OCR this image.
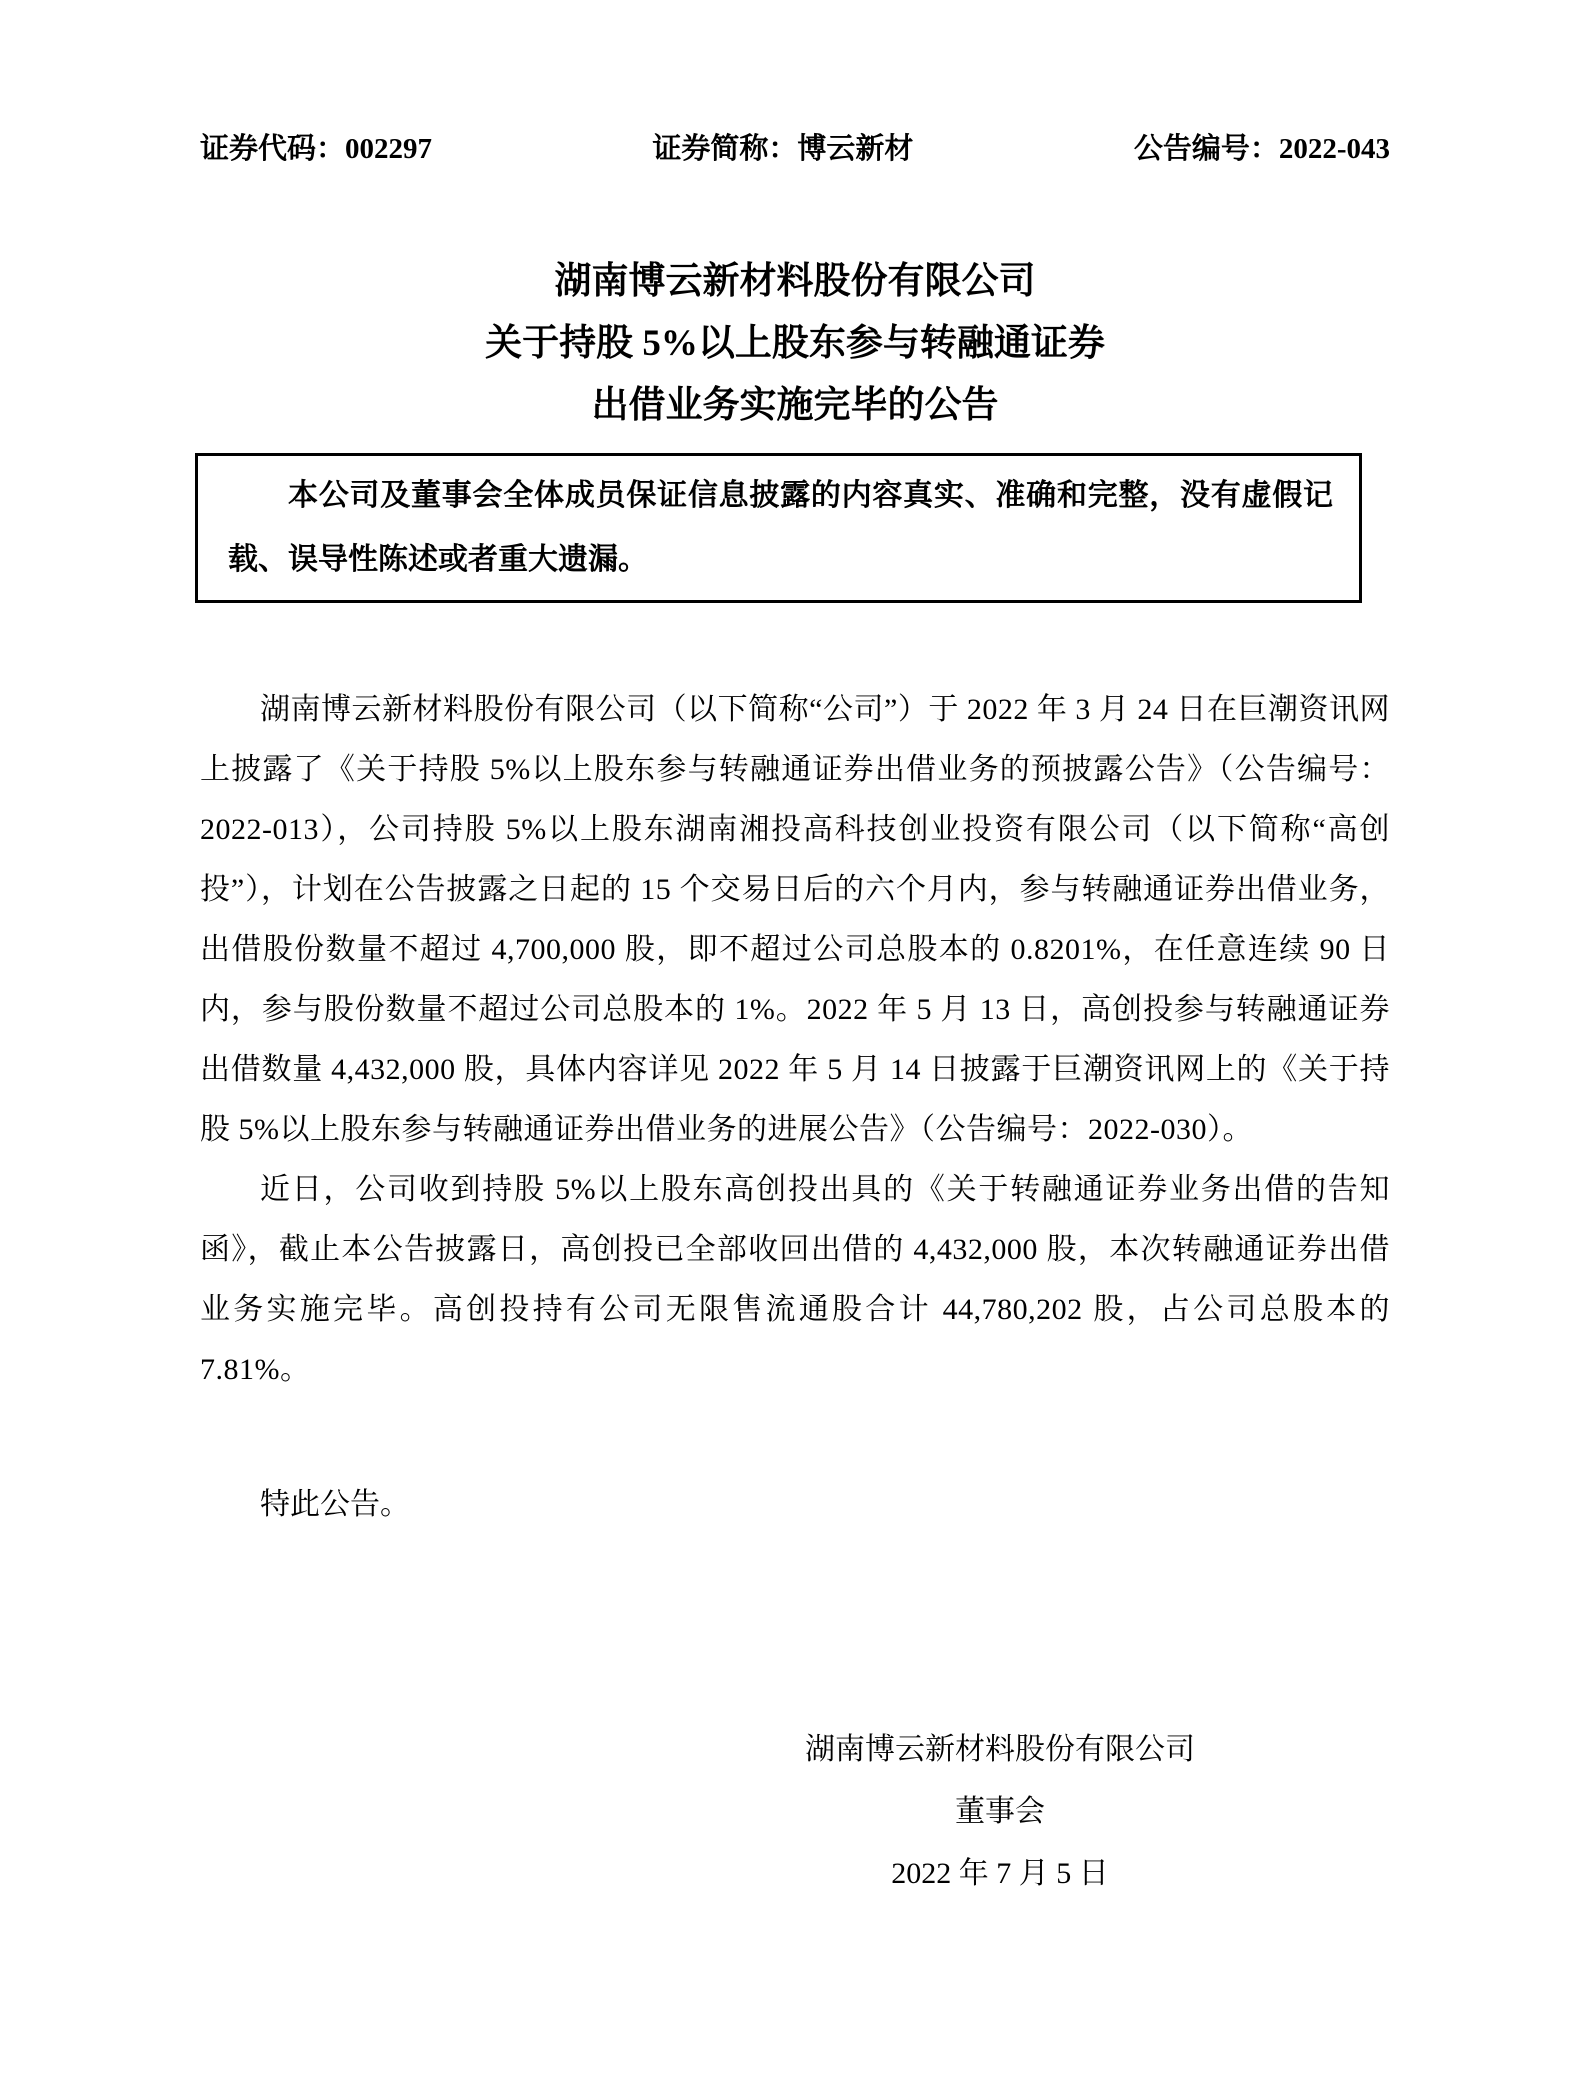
证券代码：002297	证券简称：博云新材	公告编号：2022-043
湖南博云新材料股份有限公司
关于持股 5%以上股东参与转融通证券
出借业务实施完毕的公告

本公司及董事会全体成员保证信息披露的内容真实、准确和完整，没有虚假记载、误导性陈述或者重大遗漏。

湖南博云新材料股份有限公司（以下简称“公司”）于 2022 年 3 月 24 日在巨潮资讯网上披露了《关于持股 5%以上股东参与转融通证券出借业务的预披露公告》（公告编号：2022-013），公司持股 5%以上股东湖南湘投高科技创业投资有限公司（以下简称“高创投”），计划在公告披露之日起的 15 个交易日后的六个月内，参与转融通证券出借业务，出借股份数量不超过 4,700,000 股，即不超过公司总股本的 0.8201%，在任意连续 90 日内，参与股份数量不超过公司总股本的 1%。2022 年 5 月 13 日，高创投参与转融通证券出借数量 4,432,000 股，具体内容详见 2022 年 5 月 14 日披露于巨潮资讯网上的《关于持股 5%以上股东参与转融通证券出借业务的进展公告》（公告编号：2022-030）。

近日，公司收到持股 5%以上股东高创投出具的《关于转融通证券业务出借的告知函》，截止本公告披露日，高创投已全部收回出借的 4,432,000 股，本次转融通证券出借业务实施完毕。高创投持有公司无限售流通股合计 44,780,202 股，占公司总股本的 7.81%。

特此公告。

湖南博云新材料股份有限公司
董事会
2022 年 7 月 5 日
